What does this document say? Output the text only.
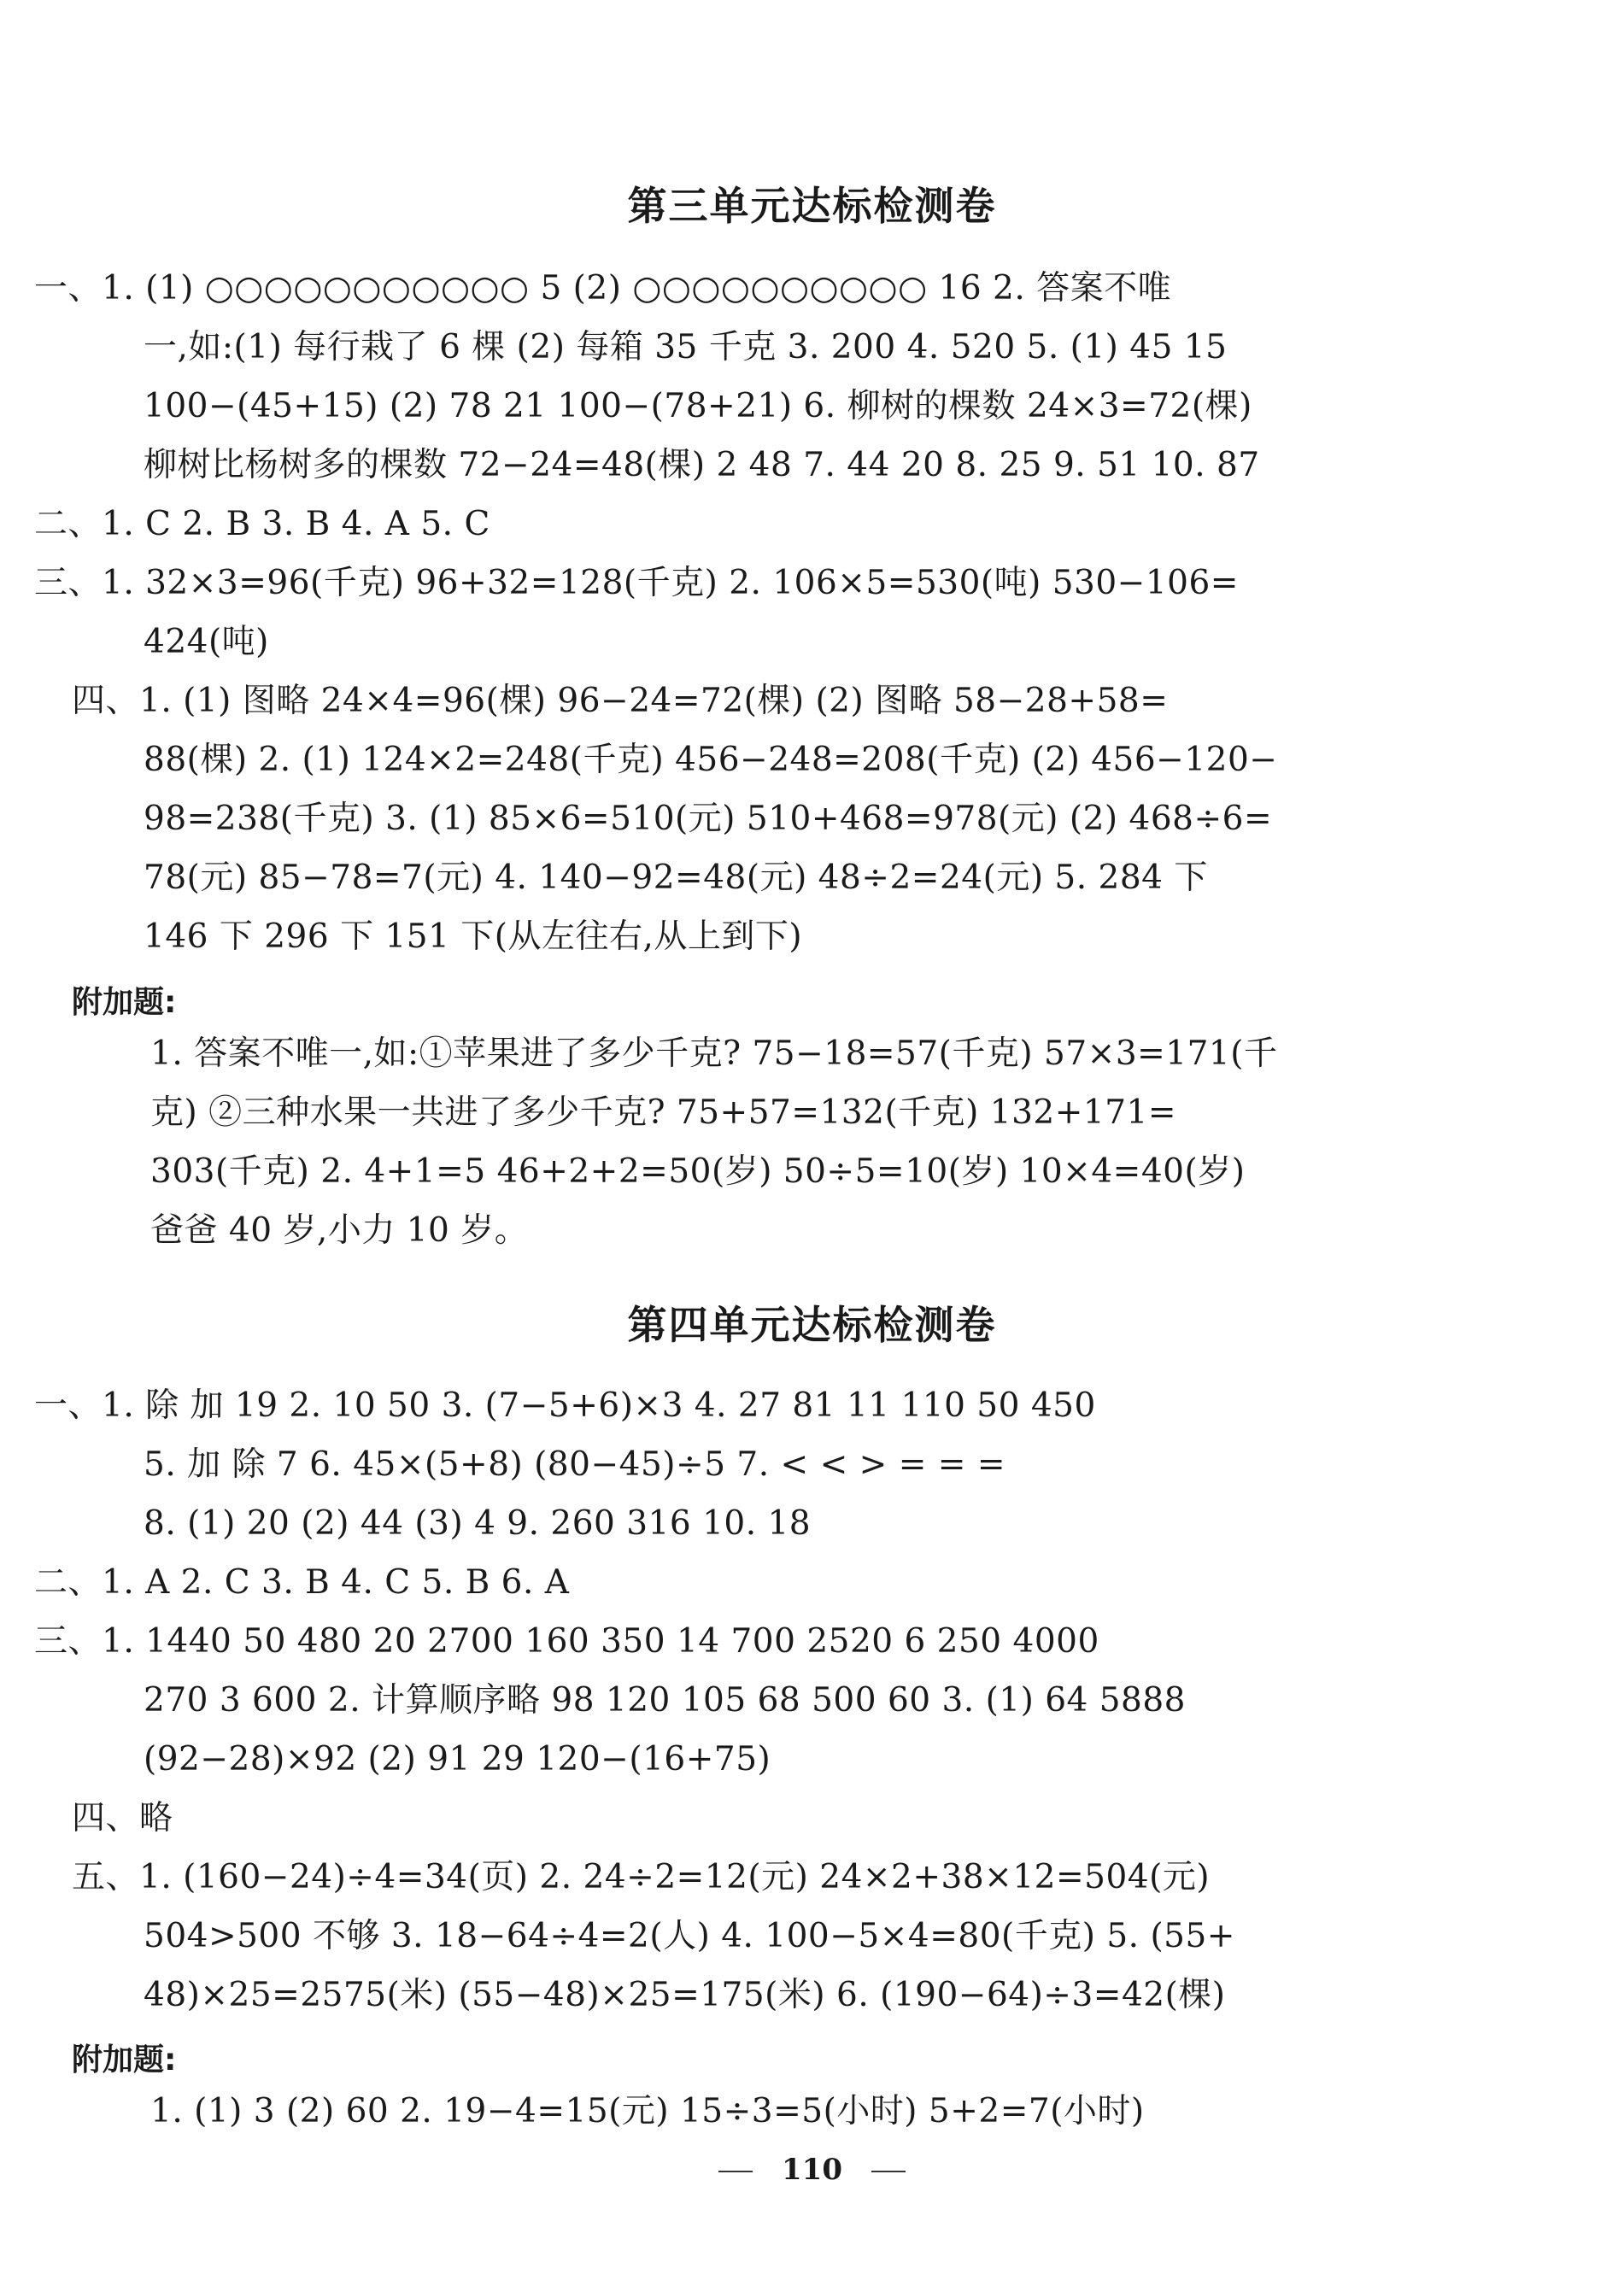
第三单元达标检测卷
一、1. (1) ○○○○○○○○○○○ 5 (2) ○○○○○○○○○○ 16 2. 答案不唯
一,如:(1) 每行栽了 6 棵 (2) 每箱 35 千克 3. 200 4. 520 5. (1) 45 15
100−(45+15) (2) 78 21 100−(78+21) 6. 柳树的棵数 24×3=72(棵)
柳树比杨树多的棵数 72−24=48(棵) 2 48 7. 44 20 8. 25 9. 51 10. 87
二、1. C 2. B 3. B 4. A 5. C
三、1. 32×3=96(千克) 96+32=128(千克) 2. 106×5=530(吨) 530−106=
424(吨)
四、1. (1) 图略 24×4=96(棵) 96−24=72(棵) (2) 图略 58−28+58=
88(棵) 2. (1) 124×2=248(千克) 456−248=208(千克) (2) 456−120−
98=238(千克) 3. (1) 85×6=510(元) 510+468=978(元) (2) 468÷6=
78(元) 85−78=7(元) 4. 140−92=48(元) 48÷2=24(元) 5. 284 下
146 下 296 下 151 下(从左往右,从上到下)
附加题:
1. 答案不唯一,如:①苹果进了多少千克? 75−18=57(千克) 57×3=171(千
克) ②三种水果一共进了多少千克? 75+57=132(千克) 132+171=
303(千克) 2. 4+1=5 46+2+2=50(岁) 50÷5=10(岁) 10×4=40(岁)
爸爸 40 岁,小力 10 岁。
第四单元达标检测卷
一、1. 除 加 19 2. 10 50 3. (7−5+6)×3 4. 27 81 11 110 50 450
5. 加 除 7 6. 45×(5+8) (80−45)÷5 7. < < > = = =
8. (1) 20 (2) 44 (3) 4 9. 260 316 10. 18
二、1. A 2. C 3. B 4. C 5. B 6. A
三、1. 1440 50 480 20 2700 160 350 14 700 2520 6 250 4000
270 3 600 2. 计算顺序略 98 120 105 68 500 60 3. (1) 64 5888
(92−28)×92 (2) 91 29 120−(16+75)
四、略
五、1. (160−24)÷4=34(页) 2. 24÷2=12(元) 24×2+38×12=504(元)
504>500 不够 3. 18−64÷4=2(人) 4. 100−5×4=80(千克) 5. (55+
48)×25=2575(米) (55−48)×25=175(米) 6. (190−64)÷3=42(棵)
附加题:
1. (1) 3 (2) 60 2. 19−4=15(元) 15÷3=5(小时) 5+2=7(小时)
110
